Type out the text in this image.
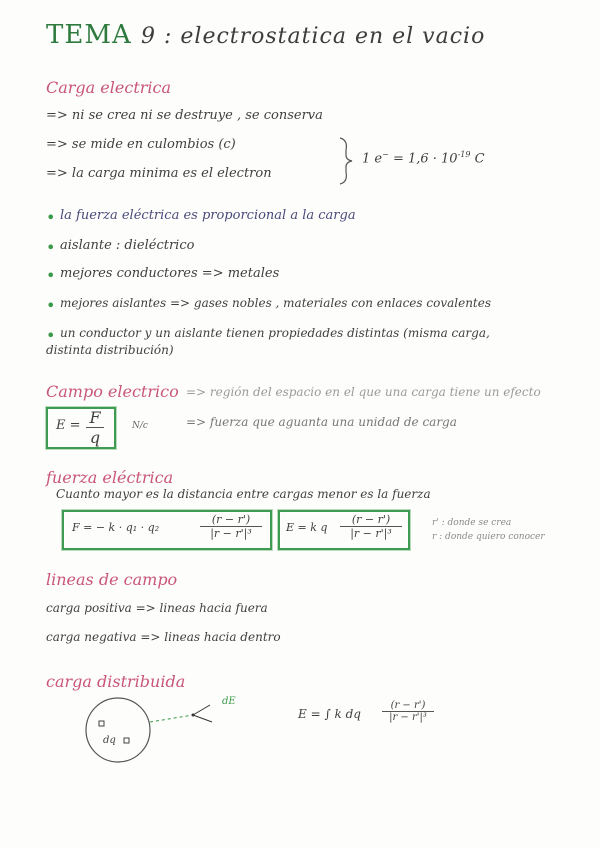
TEMA 9 : electrostatica en el vacio
Carga electrica
=> ni se crea ni se destruye , se conserva
=> se mide en culombios (c)
=> la carga minima es el electron
1 $e^- = 1,6 \cdot 10^{-19}$ C
• la fuerza eléctrica es proporcional a la carga
• aislante : dieléctrico
• mejores conductores => metales
• mejores aislantes => gases nobles , materiales con enlaces covalentes
• un conductor y un aislante tienen propiedades distintas (misma carga,
distinta distribución)
Campo electrico => región del espacio en el que una carga tiene un efecto
$E = \frac{F}{q}$	N/c	=> fuerza que aguanta una unidad de carga
fuerza eléctrica
Cuanto mayor es la distancia entre cargas menor es la fuerza
F = − k · q₁ · q₂	$\frac{(r - r')}{\text{|r − r'|³}}$ E = k q $\frac{(r - r')}{\text{|r − r'|³}}$	r' : donde se crea
r : donde quiero conocer
lineas de campo
carga positiva => lineas hacia fuera
carga negativa => lineas hacia dentro
carga distribuida
dq
dE
E = ∫ k dq $\frac{(r - r')}{\text{|r − r'|³}}$
